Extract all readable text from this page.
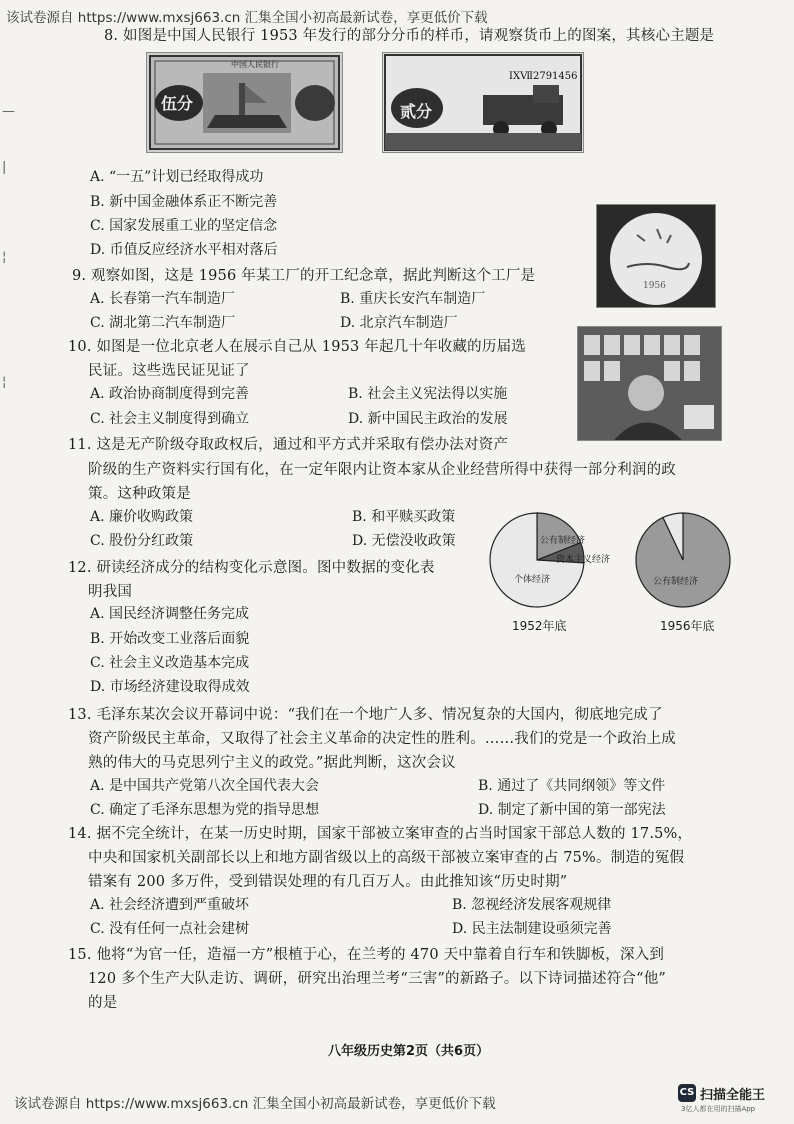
该试卷源自 https://www.mxsj663.cn 汇集全国小初高最新试卷，享更低价下载
—
|
¦
¦
8. 如图是中国人民银行 1953 年发行的部分分币的样币，请观察货币上的图案，其核心主题是
伍分
中国人民银行
IXⅦ2791456
贰分
A. “一五”计划已经取得成功
B. 新中国金融体系正不断完善
C. 国家发展重工业的坚定信念
D. 币值反应经济水平相对落后
1956
9. 观察如图，这是 1956 年某工厂的开工纪念章，据此判断这个工厂是
A. 长春第一汽车制造厂	B. 重庆长安汽车制造厂
C. 湖北第二汽车制造厂	D. 北京汽车制造厂
10. 如图是一位北京老人在展示自己从 1953 年起几十年收藏的历届选
民证。这些选民证见证了
A. 政治协商制度得到完善	B. 社会主义宪法得以实施
C. 社会主义制度得到确立	D. 新中国民主政治的发展
11. 这是无产阶级夺取政权后，通过和平方式并采取有偿办法对资产
阶级的生产资料实行国有化，在一定年限内让资本家从企业经营所得中获得一部分利润的政
策。这种政策是
A. 廉价收购政策	B. 和平赎买政策
C. 股份分红政策	D. 无偿没收政策
12. 研读经济成分的结构变化示意图。图中数据的变化表
明我国
A. 国民经济调整任务完成
B. 开始改变工业落后面貌
C. 社会主义改造基本完成
D. 市场经济建设取得成效
公有制经济
资本主义经济
个体经济	公有制经济
1952年底	1956年底
13. 毛泽东某次会议开幕词中说：“我们在一个地广人多、情况复杂的大国内，彻底地完成了
资产阶级民主革命，又取得了社会主义革命的决定性的胜利。……我们的党是一个政治上成
熟的伟大的马克思列宁主义的政党。”据此判断，这次会议
A. 是中国共产党第八次全国代表大会	B. 通过了《共同纲领》等文件
C. 确定了毛泽东思想为党的指导思想	D. 制定了新中国的第一部宪法
14. 据不完全统计，在某一历史时期，国家干部被立案审查的占当时国家干部总人数的 17.5%，
中央和国家机关副部长以上和地方副省级以上的高级干部被立案审查的占 75%。制造的冤假
错案有 200 多万件，受到错误处理的有几百万人。由此推知该“历史时期”
A. 社会经济遭到严重破坏	B. 忽视经济发展客观规律
C. 没有任何一点社会建树	D. 民主法制建设亟须完善
15. 他将“为官一任，造福一方”根植于心，在兰考的 470 天中靠着自行车和铁脚板，深入到
120 多个生产大队走访、调研，研究出治理兰考“三害”的新路子。以下诗词描述符合“他”
的是
八年级历史第2页（共6页）
该试卷源自 https://www.mxsj663.cn 汇集全国小初高最新试卷，享更低价下载
CS 扫描全能王
3亿人都在用的扫描App
